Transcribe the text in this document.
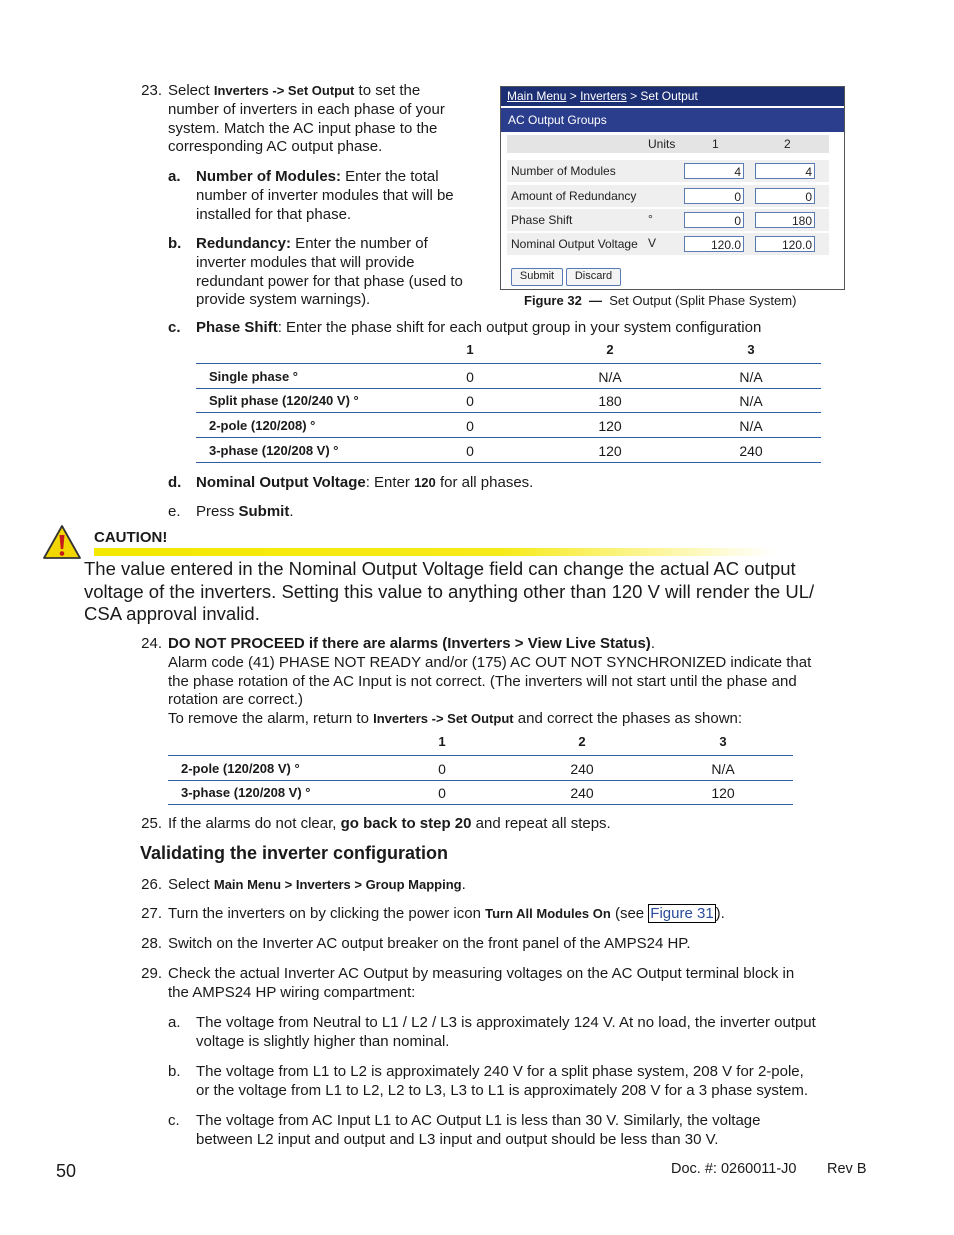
23. Select Inverters -> Set Output to set the
number of inverters in each phase of your
system. Match the AC input phase to the
corresponding AC output phase.
a. Number of Modules: Enter the total
number of inverter modules that will be
installed for that phase.
b. Redundancy: Enter the number of
inverter modules that will provide
redundant power for that phase (used to
provide system warnings).
Main Menu > Inverters > Set Output
AC Output Groups
Units	1	2
Number of Modules	4	4
Amount of Redundancy	0	0
Phase Shift	°	0	180
Nominal Output Voltage V	120.0	120.0
Submit	Discard
Figure 32 — Set Output (Split Phase System)
c. Phase Shift: Enter the phase shift for each output group in your system configuration
1	2	3
Single phase °	0	N/A	N/A
Split phase (120/240 V) °	0	180	N/A
2-pole (120/208) °	0	120	N/A
3-phase (120/208 V) °	0	120	240
d. Nominal Output Voltage: Enter 120 for all phases.
e. Press Submit.
CAUTION!
The value entered in the Nominal Output Voltage field can change the actual AC output
voltage of the inverters. Setting this value to anything other than 120 V will render the UL/
CSA approval invalid.
24. DO NOT PROCEED if there are alarms (Inverters > View Live Status).
Alarm code (41) PHASE NOT READY and/or (175) AC OUT NOT SYNCHRONIZED indicate that
the phase rotation of the AC Input is not correct. (The inverters will not start until the phase and
rotation are correct.)
To remove the alarm, return to Inverters -> Set Output and correct the phases as shown:
1	2	3
2-pole (120/208 V) °	0	240	N/A
3-phase (120/208 V) °	0	240	120
25. If the alarms do not clear, go back to step 20 and repeat all steps.
Validating the inverter configuration
26. Select Main Menu > Inverters > Group Mapping.
27. Turn the inverters on by clicking the power icon Turn All Modules On (see Figure 31 ).
28. Switch on the Inverter AC output breaker on the front panel of the AMPS24 HP.
29. Check the actual Inverter AC Output by measuring voltages on the AC Output terminal block in
the AMPS24 HP wiring compartment:
a. The voltage from Neutral to L1 / L2 / L3 is approximately 124 V. At no load, the inverter output
voltage is slightly higher than nominal.
b. The voltage from L1 to L2 is approximately 240 V for a split phase system, 208 V for 2-pole,
or the voltage from L1 to L2, L2 to L3, L3 to L1 is approximately 208 V for a 3 phase system.
c. The voltage from AC Input L1 to AC Output L1 is less than 30 V. Similarly, the voltage
between L2 input and output and L3 input and output should be less than 30 V.
50	Doc. #: 0260011-J0 Rev B
